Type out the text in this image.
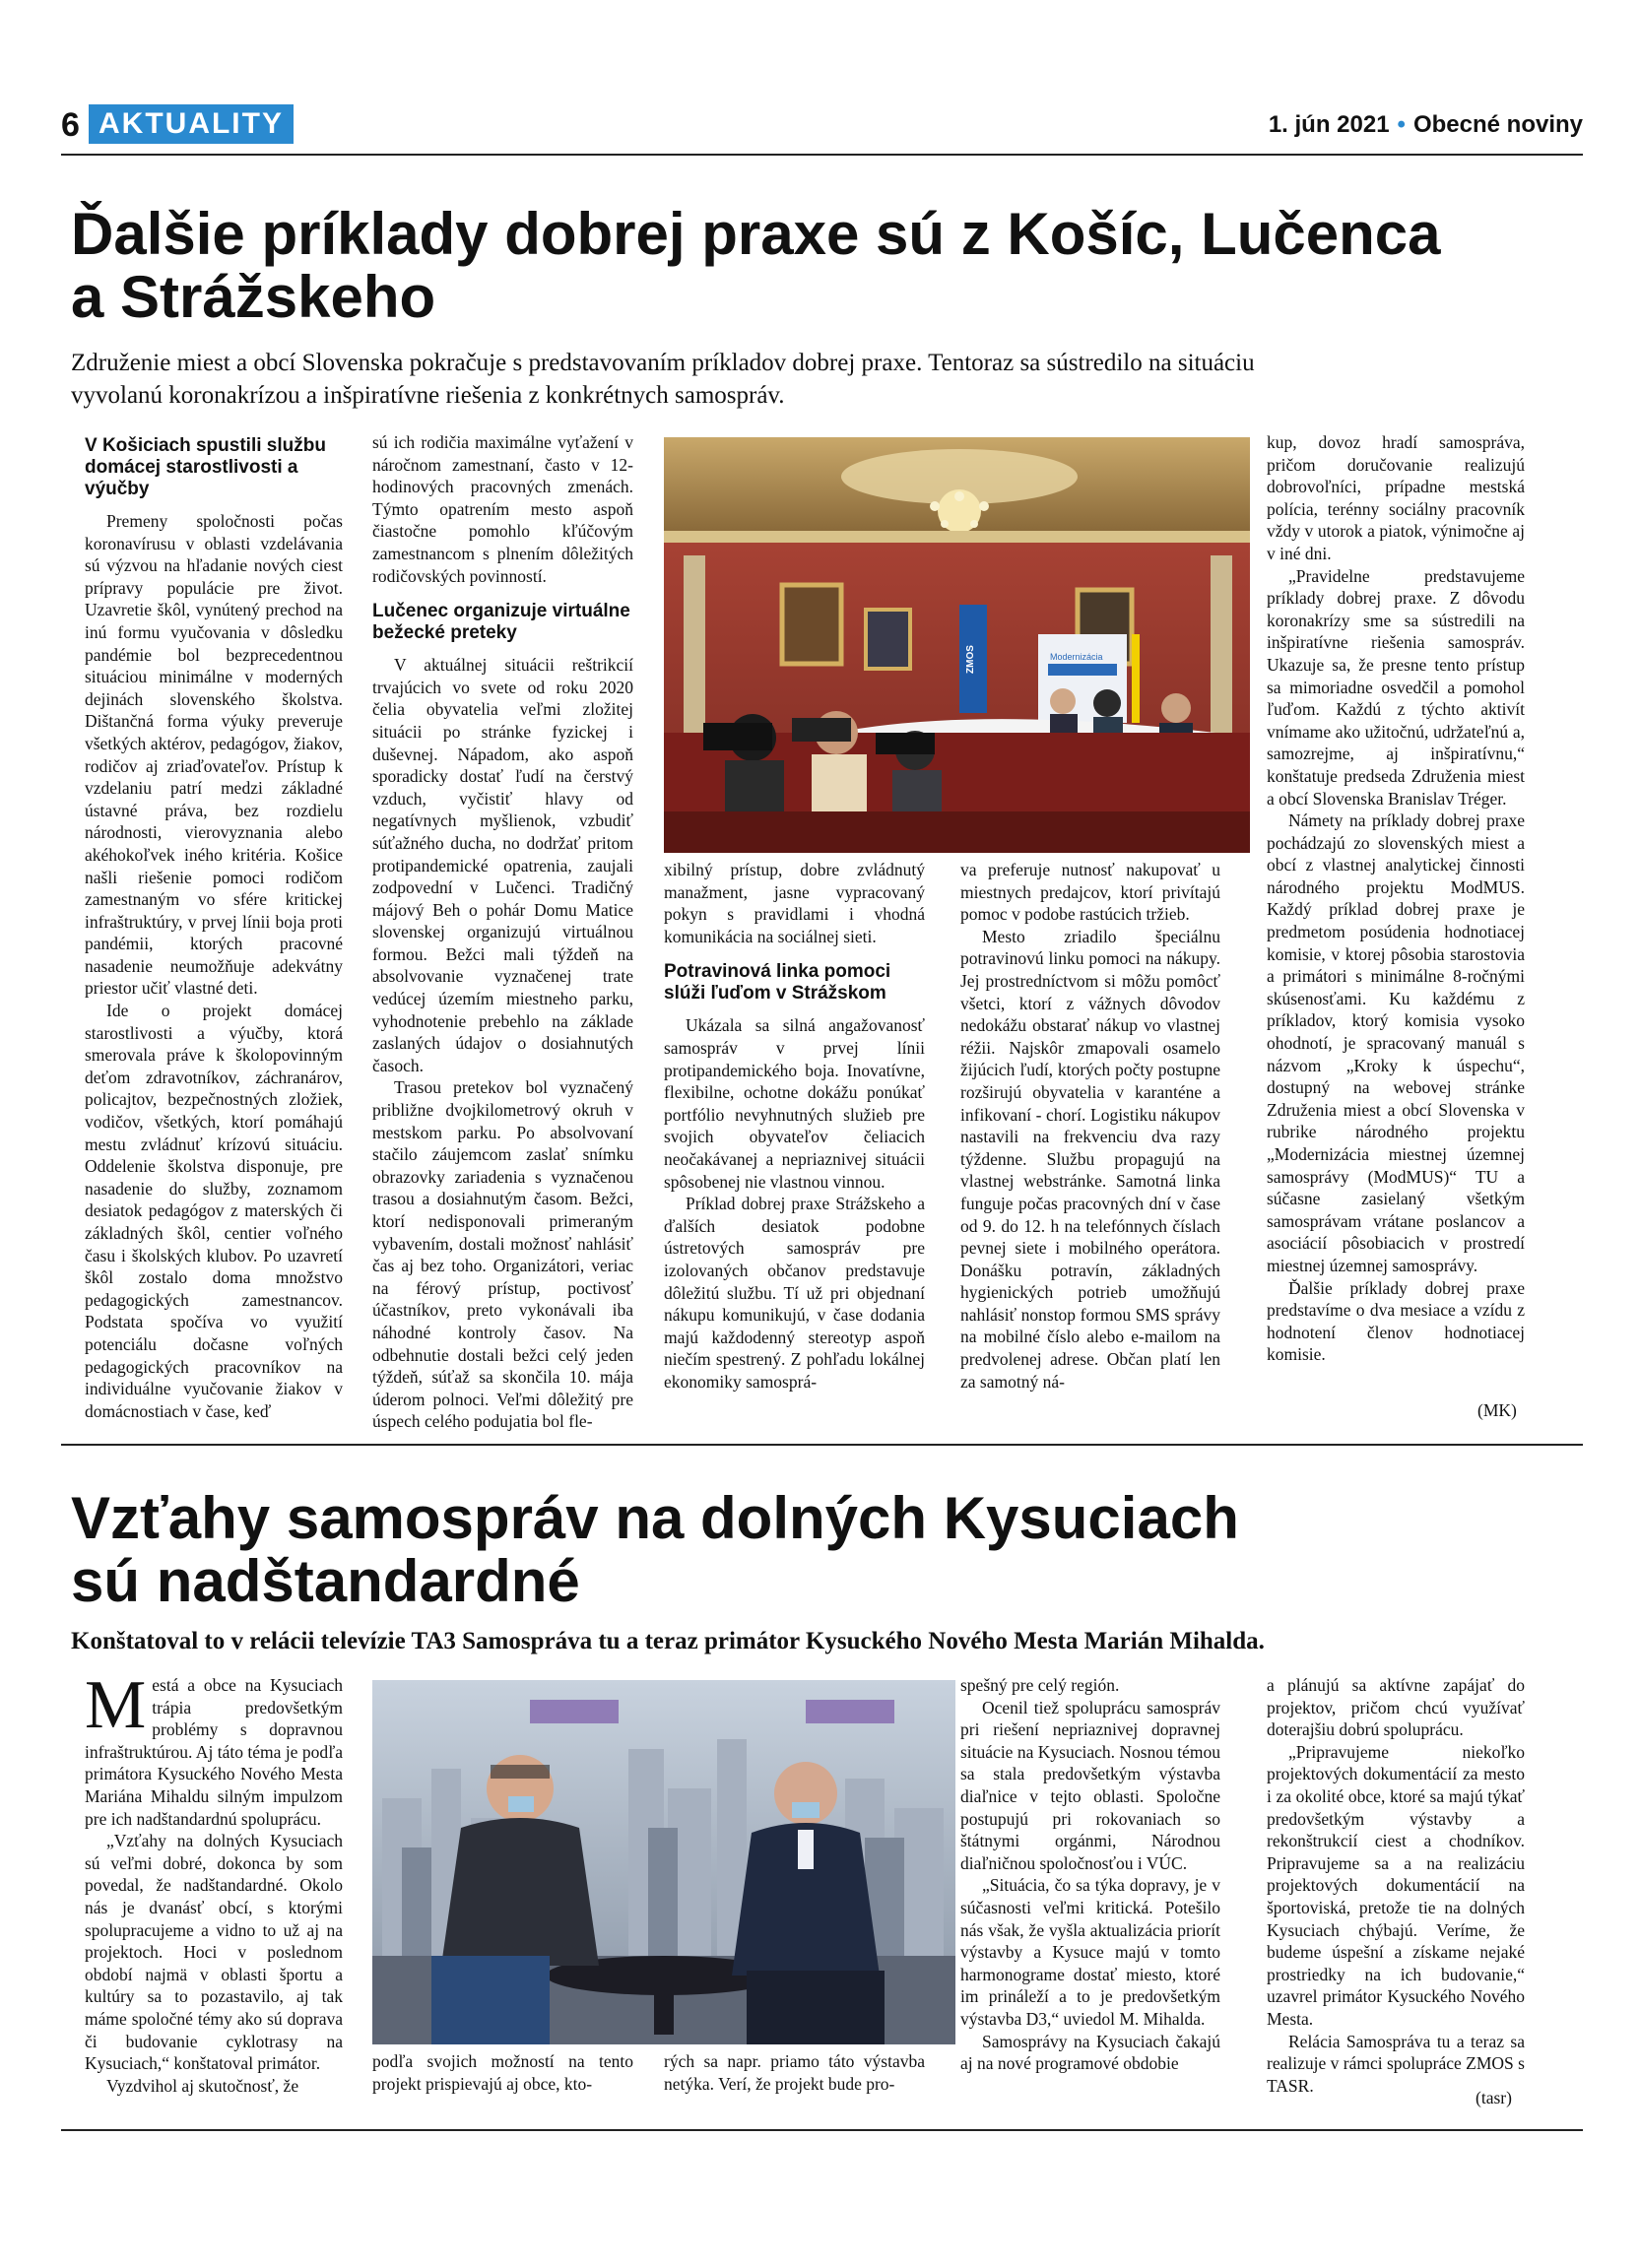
6 AKTUALITY	1. jún 2021 • Obecné noviny
Ďalšie príklady dobrej praxe sú z Košíc, Lučenca
a Strážskeho

Združenie miest a obcí Slovenska pokračuje s predstavovaním príkladov dobrej praxe. Tentoraz sa sústredilo na situáciu
vyvolanú koronakrízou a inšpiratívne riešenia z konkrétnych samospráv.

V Košiciach spustili službu domácej starostlivosti a výučby

Premeny spoločnosti počas koronavírusu v oblasti vzdelávania sú výzvou na hľadanie nových ciest prípravy populácie pre život. Uzavretie škôl, vynútený prechod na inú formu vyučovania v dôsledku pandémie bol bezprecedentnou situáciou minimálne v moderných dejinách slovenského školstva. Dištančná forma výuky preveruje všetkých aktérov, pedagógov, žiakov, rodičov aj zriaďovateľov. Prístup k vzdelaniu patrí medzi základné ústavné práva, bez rozdielu národnosti, vierovyznania alebo akéhokoľvek iného kritéria. Košice našli riešenie pomoci rodičom zamestnaným vo sfére kritickej infraštruktúry, v prvej línii boja proti pandémii, ktorých pracovné nasadenie neumožňuje adekvátny priestor učiť vlastné deti.

Ide o projekt domácej starostlivosti a výučby, ktorá smerovala práve k školopovinným deťom zdravotníkov, záchranárov, policajtov, bezpečnostných zložiek, vodičov, všetkých, ktorí pomáhajú mestu zvládnuť krízovú situáciu. Oddelenie školstva disponuje, pre nasadenie do služby, zoznamom desiatok pedagógov z materských či základných škôl, centier voľného času i školských klubov. Po uzavretí škôl zostalo doma množstvo pedagogických zamestnancov. Podstata spočíva vo využití potenciálu dočasne voľných pedagogických pracovníkov na individuálne vyučovanie žiakov v domácnostiach v čase, keď

sú ich rodičia maximálne vyťažení v náročnom zamestnaní, často v 12-hodinových pracovných zmenách. Týmto opatrením mesto aspoň čiastočne pomohlo kľúčovým zamestnancom s plnením dôležitých rodičovských povinností.

Lučenec organizuje virtuálne bežecké preteky

V aktuálnej situácii reštrikcií trvajúcich vo svete od roku 2020 čelia obyvatelia veľmi zložitej situácii po stránke fyzickej i duševnej. Nápadom, ako aspoň sporadicky dostať ľudí na čerstvý vzduch, vyčistiť hlavy od negatívnych myšlienok, vzbudiť súťažného ducha, no dodržať pritom protipandemické opatrenia, zaujali zodpovední v Lučenci. Tradičný májový Beh o pohár Domu Matice slovenskej organizujú virtuálnou formou. Bežci mali týždeň na absolvovanie vyznačenej trate vedúcej územím miestneho parku, vyhodnotenie prebehlo na základe zaslaných údajov o dosiahnutých časoch.

Trasou pretekov bol vyznačený približne dvojkilometrový okruh v mestskom parku. Po absolvovaní stačilo záujemcom zaslať snímku obrazovky zariadenia s vyznačenou trasou a dosiahnutým časom. Bežci, ktorí nedisponovali primeraným vybavením, dostali možnosť nahlásiť čas aj bez toho. Organizátori, veriac na férový prístup, poctivosť účastníkov, preto vykonávali iba náhodné kontroly časov. Na odbehnutie dostali bežci celý jeden týždeň, súťaž sa skončila 10. mája úderom polnoci. Veľmi dôležitý pre úspech celého podujatia bol fle-

ZMOS	Modernizácia

xibilný prístup, dobre zvládnutý manažment, jasne vypracovaný pokyn s pravidlami i vhodná komunikácia na sociálnej sieti.

Potravinová linka pomoci slúži ľuďom v Strážskom

Ukázala sa silná angažovanosť samospráv v prvej línii protipandemického boja. Inovatívne, flexibilne, ochotne dokážu ponúkať portfólio nevyhnutných služieb pre svojich obyvateľov čeliacich neočakávanej a nepriaznivej situácii spôsobenej nie vlastnou vinnou.

Príklad dobrej praxe Strážskeho a ďalších desiatok podobne ústretových samospráv pre izolovaných občanov predstavuje dôležitú službu. Tí už pri objednaní nákupu komunikujú, v čase dodania majú každodenný stereotyp aspoň niečím spestrený. Z pohľadu lokálnej ekonomiky samosprá-

va preferuje nutnosť nakupovať u miestnych predajcov, ktorí privítajú pomoc v podobe rastúcich tržieb.

Mesto zriadilo špeciálnu potravinovú linku pomoci na nákupy. Jej prostredníctvom si môžu pomôcť všetci, ktorí z vážnych dôvodov nedokážu obstarať nákup vo vlastnej réžii. Najskôr zmapovali osamelo žijúcich ľudí, ktorých počty postupne rozširujú obyvatelia v karanténe a infikovaní - chorí. Logistiku nákupov nastavili na frekvenciu dva razy týždenne. Službu propagujú na vlastnej webstránke. Samotná linka funguje počas pracovných dní v čase od 9. do 12. h na telefónnych číslach pevnej siete i mobilného operátora. Donášku potravín, základných hygienických potrieb umožňujú nahlásiť nonstop formou SMS správy na mobilné číslo alebo e-mailom na predvolenej adrese. Občan platí len za samotný ná-

kup, dovoz hradí samospráva, pričom doručovanie realizujú dobrovoľníci, prípadne mestská polícia, terénny sociálny pracovník vždy v utorok a piatok, výnimočne aj v iné dni.

„Pravidelne predstavujeme príklady dobrej praxe. Z dôvodu koronakrízy sme sa sústredili na inšpiratívne riešenia samospráv. Ukazuje sa, že presne tento prístup sa mimoriadne osvedčil a pomohol ľuďom. Každú z týchto aktivít vnímame ako užitočnú, udržateľnú a, samozrejme, aj inšpiratívnu,“ konštatuje predseda Združenia miest a obcí Slovenska Branislav Tréger.

Námety na príklady dobrej praxe pochádzajú zo slovenských miest a obcí z vlastnej analytickej činnosti národného projektu ModMUS. Každý príklad dobrej praxe je predmetom posúdenia hodnotiacej komisie, v ktorej pôsobia starostovia a primátori s minimálne 8-ročnými skúsenosťami. Ku každému z príkladov, ktorý komisia vysoko ohodnotí, je spracovaný manuál s názvom „Kroky k úspechu“, dostupný na webovej stránke Združenia miest a obcí Slovenska v rubrike národného projektu „Modernizácia miestnej územnej samosprávy (ModMUS)“ TU a súčasne zasielaný všetkým samosprávam vrátane poslancov a asociácií pôsobiacich v prostredí miestnej územnej samosprávy.

Ďalšie príklady dobrej praxe predstavíme o dva mesiace a vzídu z hodnotení členov hodnotiacej komisie.

(MK)
Vzťahy samospráv na dolných Kysuciach
sú nadštandardné

Konštatoval to v relácii televízie TA3 Samospráva tu a teraz primátor Kysuckého Nového Mesta Marián Mihalda.

Mestá a obce na Kysuciach trápia predovšetkým problémy s dopravnou infraštruktúrou. Aj táto téma je podľa primátora Kysuckého Nového Mesta Mariána Mihaldu silným impulzom pre ich nadštandardnú spoluprácu.

„Vzťahy na dolných Kysuciach sú veľmi dobré, dokonca by som povedal, že nadštandardné. Okolo nás je dvanásť obcí, s ktorými spolupracujeme a vidno to už aj na projektoch. Hoci v poslednom období najmä v oblasti športu a kultúry sa to pozastavilo, aj tak máme spoločné témy ako sú doprava či budovanie cyklotrasy na Kysuciach,“ konštatoval primátor.

Vyzdvihol aj skutočnosť, že

podľa svojich možností na tento projekt prispievajú aj obce, kto-

rých sa napr. priamo táto výstavba netýka. Verí, že projekt bude pro-

spešný pre celý región.

Ocenil tiež spoluprácu samospráv pri riešení nepriaznivej dopravnej situácie na Kysuciach. Nosnou témou sa stala predovšetkým výstavba diaľnice v tejto oblasti. Spoločne postupujú pri rokovaniach so štátnymi orgánmi, Národnou diaľničnou spoločnosťou i VÚC.

„Situácia, čo sa týka dopravy, je v súčasnosti veľmi kritická. Potešilo nás však, že vyšla aktualizácia priorít výstavby a Kysuce majú v tomto harmonograme dostať miesto, ktoré im prináleží a to je predovšetkým výstavba D3,“ uviedol M. Mihalda.

Samosprávy na Kysuciach čakajú aj na nové programové obdobie

a plánujú sa aktívne zapájať do projektov, pričom chcú využívať doterajšiu dobrú spoluprácu.

„Pripravujeme niekoľko projektových dokumentácií za mesto i za okolité obce, ktoré sa majú týkať predovšetkým výstavby a rekonštrukcií ciest a chodníkov. Pripravujeme sa a na realizáciu projektových dokumentácií na športoviská, pretože tie na dolných Kysuciach chýbajú. Veríme, že budeme úspešní a získame nejaké prostriedky na ich budovanie,“ uzavrel primátor Kysuckého Nového Mesta.

Relácia Samospráva tu a teraz sa realizuje v rámci spolupráce ZMOS s TASR.

(tasr)
